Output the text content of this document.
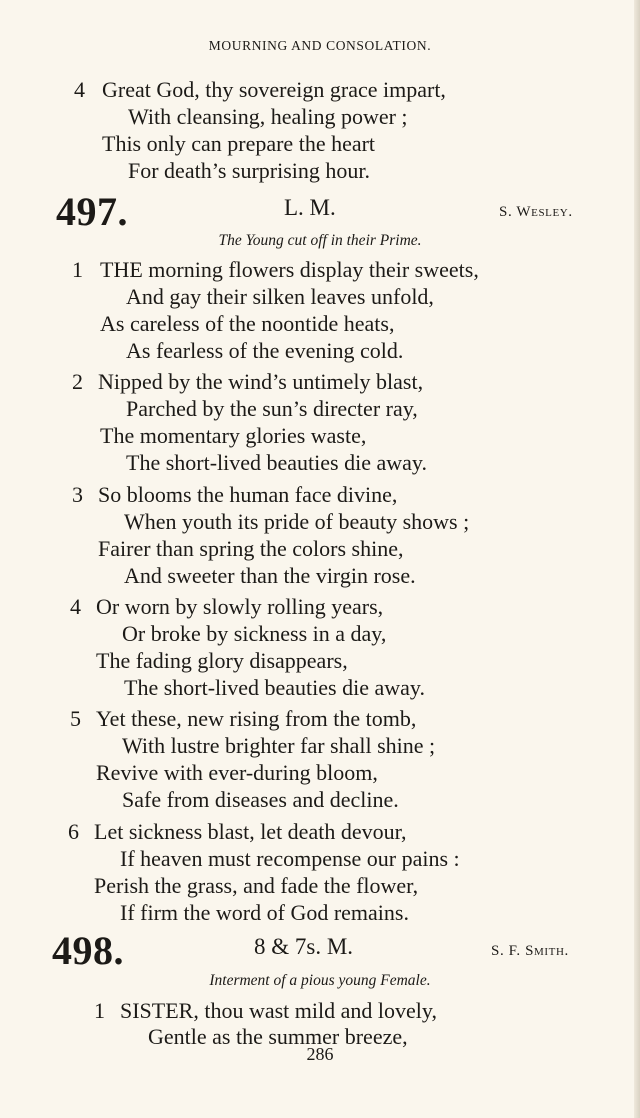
MOURNING AND CONSOLATION.
4 Great God, thy sovereign grace impart,
With cleansing, healing power ;
This only can prepare the heart
For death’s surprising hour.
497.	L. M.	S. Wesley.
The Young cut off in their Prime.
1 THE morning flowers display their sweets,
And gay their silken leaves unfold,
As careless of the noontide heats,
As fearless of the evening cold.
2 Nipped by the wind’s untimely blast,
Parched by the sun’s directer ray,
The momentary glories waste,
The short-lived beauties die away.
3 So blooms the human face divine,
When youth its pride of beauty shows ;
Fairer than spring the colors shine,
And sweeter than the virgin rose.
4 Or worn by slowly rolling years,
Or broke by sickness in a day,
The fading glory disappears,
The short-lived beauties die away.
5 Yet these, new rising from the tomb,
With lustre brighter far shall shine ;
Revive with ever-during bloom,
Safe from diseases and decline.
6 Let sickness blast, let death devour,
If heaven must recompense our pains :
Perish the grass, and fade the flower,
If firm the word of God remains.
498.	8 & 7s. M.	S. F. Smith.
Interment of a pious young Female.
1 SISTER, thou wast mild and lovely,
Gentle as the summer breeze,
286
